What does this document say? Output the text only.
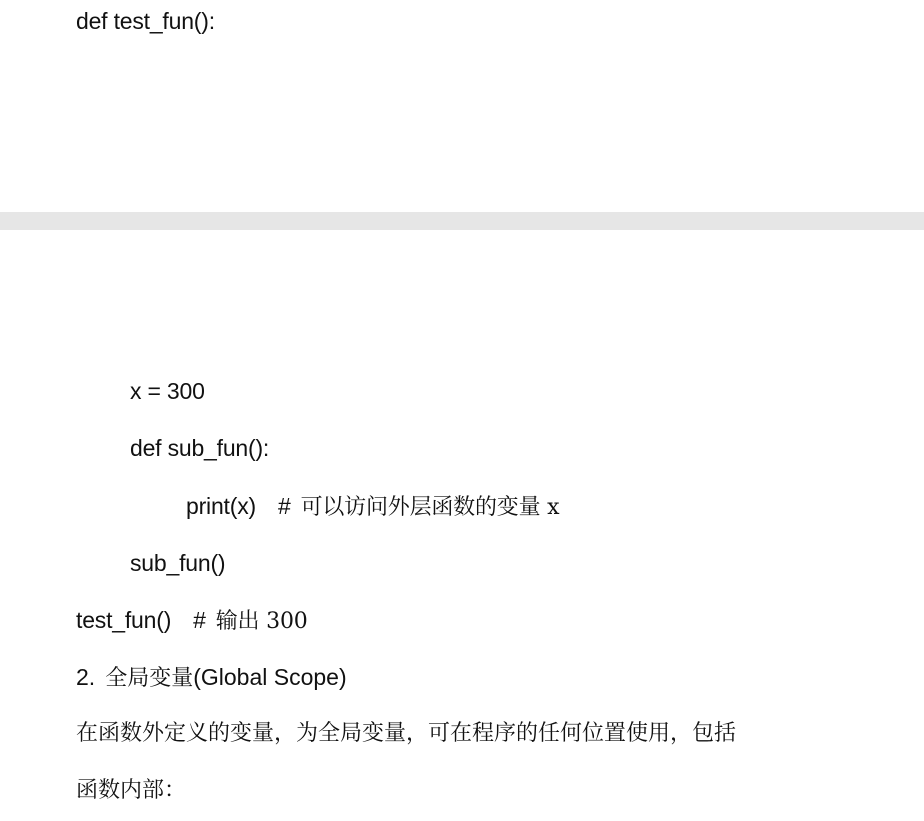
def test_fun():
x = 300
def sub_fun():
print(x) # 可以访问外层函数的变量 x
sub_fun()
test_fun() # 输出 300
2. 全局变量(Global Scope)
在函数外定义的变量，为全局变量，可在程序的任何位置使用，包括
函数内部：
